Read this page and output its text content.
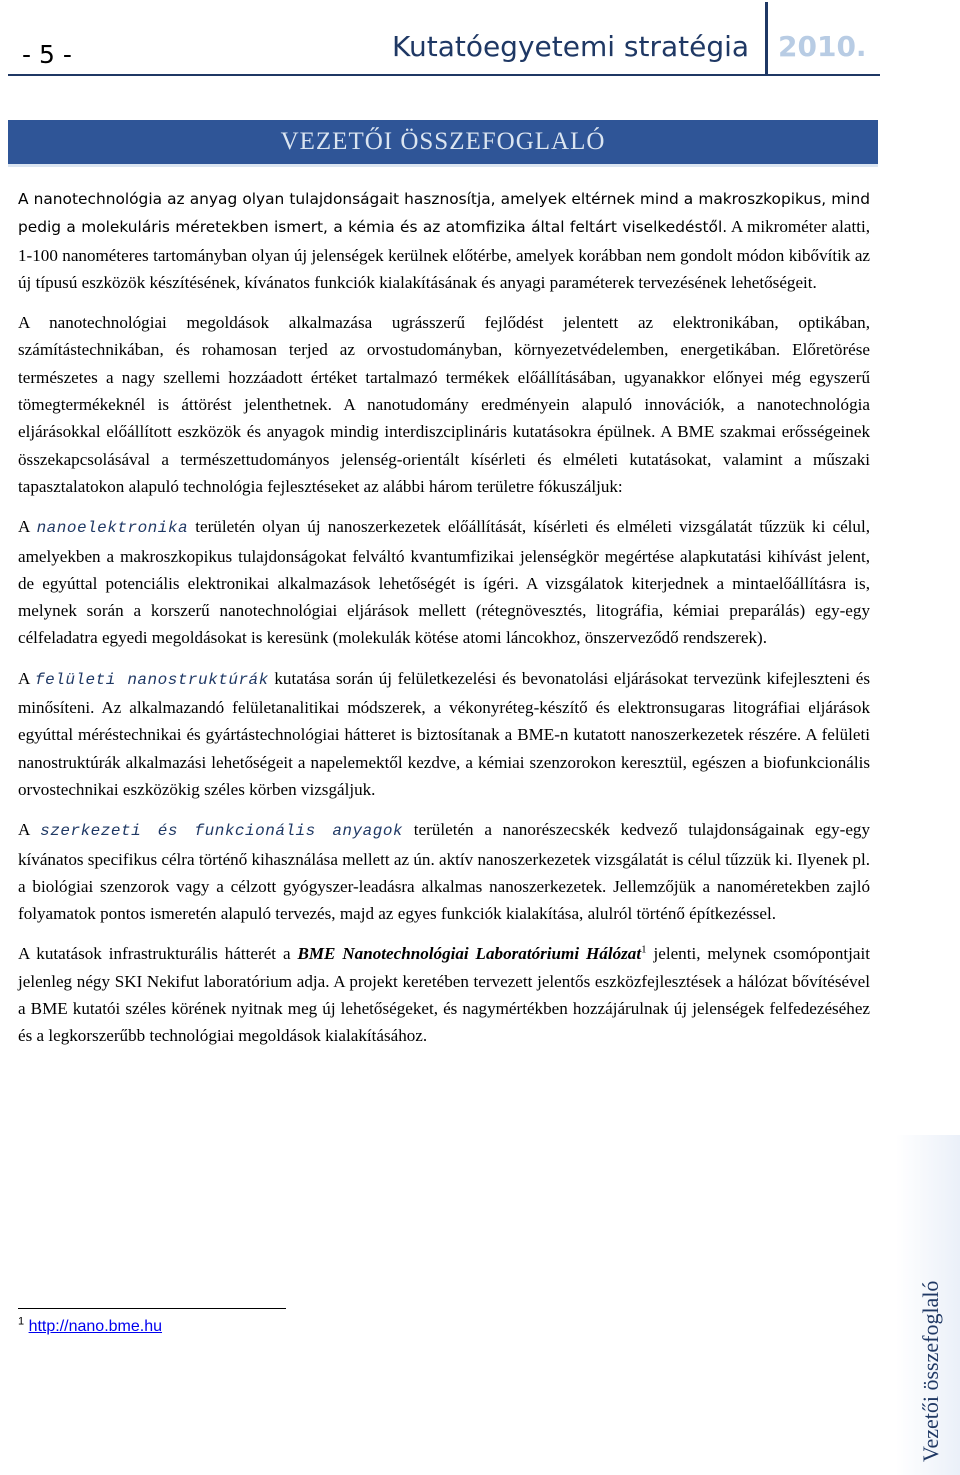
- 5 -	Kutatóegyetemi stratégia 2010.
VEZETŐI ÖSSZEFOGLALÓ

A nanotechnológia az anyag olyan tulajdonságait hasznosítja, amelyek eltérnek mind a makroszkopikus, mind pedig a molekuláris méretekben ismert, a kémia és az atomfizika által feltárt viselkedéstől. A mikrométer alatti, 1-100 nanométeres tartományban olyan új jelenségek kerülnek előtérbe, amelyek korábban nem gondolt módon kibővítik az új típusú eszközök készítésének, kívánatos funkciók kialakításának és anyagi paraméterek tervezésének lehetőségeit.

A nanotechnológiai megoldások alkalmazása ugrásszerű fejlődést jelentett az elektronikában, optikában, számítástechnikában, és rohamosan terjed az orvostudományban, környezetvédelemben, energetikában. Előretörése természetes a nagy szellemi hozzáadott értéket tartalmazó termékek előállításában, ugyanakkor előnyei még egyszerű tömegtermékeknél is áttörést jelenthetnek. A nanotudomány eredményein alapuló innovációk, a nanotechnológia eljárásokkal előállított eszközök és anyagok mindig interdiszciplináris kutatásokra épülnek. A BME szakmai erősségeinek összekapcsolásával a természettudományos jelenség-orientált kísérleti és elméleti kutatásokat, valamint a műszaki tapasztalatokon alapuló technológia fejlesztéseket az alábbi három területre fókuszáljuk:

A nanoelektronika területén olyan új nanoszerkezetek előállítását, kísérleti és elméleti vizsgálatát tűzzük ki célul, amelyekben a makroszkopikus tulajdonságokat felváltó kvantumfizikai jelenségkör megértése alapkutatási kihívást jelent, de egyúttal potenciális elektronikai alkalmazások lehetőségét is ígéri. A vizsgálatok kiterjednek a mintaelőállításra is, melynek során a korszerű nanotechnológiai eljárások mellett (rétegnövesztés, litográfia, kémiai preparálás) egy-egy célfeladatra egyedi megoldásokat is keresünk (molekulák kötése atomi láncokhoz, önszerveződő rendszerek).

A felületi nanostruktúrák kutatása során új felületkezelési és bevonatolási eljárásokat tervezünk kifejleszteni és minősíteni. Az alkalmazandó felületanalitikai módszerek, a vékonyréteg-készítő és elektronsugaras litográfiai eljárások egyúttal méréstechnikai és gyártástechnológiai hátteret is biztosítanak a BME-n kutatott nanoszerkezetek részére. A felületi nanostruktúrák alkalmazási lehetőségeit a napelemektől kezdve, a kémiai szenzorokon keresztül, egészen a biofunkcionális orvostechnikai eszközökig széles körben vizsgáljuk.

A szerkezeti és funkcionális anyagok területén a nanorészecskék kedvező tulajdonságainak egy-egy kívánatos specifikus célra történő kihasználása mellett az ún. aktív nanoszerkezetek vizsgálatát is célul tűzzük ki. Ilyenek pl. a biológiai szenzorok vagy a célzott gyógyszer-leadásra alkalmas nanoszerkezetek. Jellemzőjük a nanoméretekben zajló folyamatok pontos ismeretén alapuló tervezés, majd az egyes funkciók kialakítása, alulról történő építkezéssel.

A kutatások infrastrukturális hátterét a BME Nanotechnológiai Laboratóriumi Hálózat$^1$ jelenti, melynek csomópontjait jelenleg négy SKI Nekifut laboratórium adja. A projekt keretében tervezett jelentős eszközfejlesztések a hálózat bővítésével a BME kutatói széles körének nyitnak meg új lehetőségeket, és nagymértékben hozzájárulnak új jelenségek felfedezéséhez és a legkorszerűbb technológiai megoldások kialakításához.

$^1$ http://nano.bme.hu	Vezetői összefoglaló
